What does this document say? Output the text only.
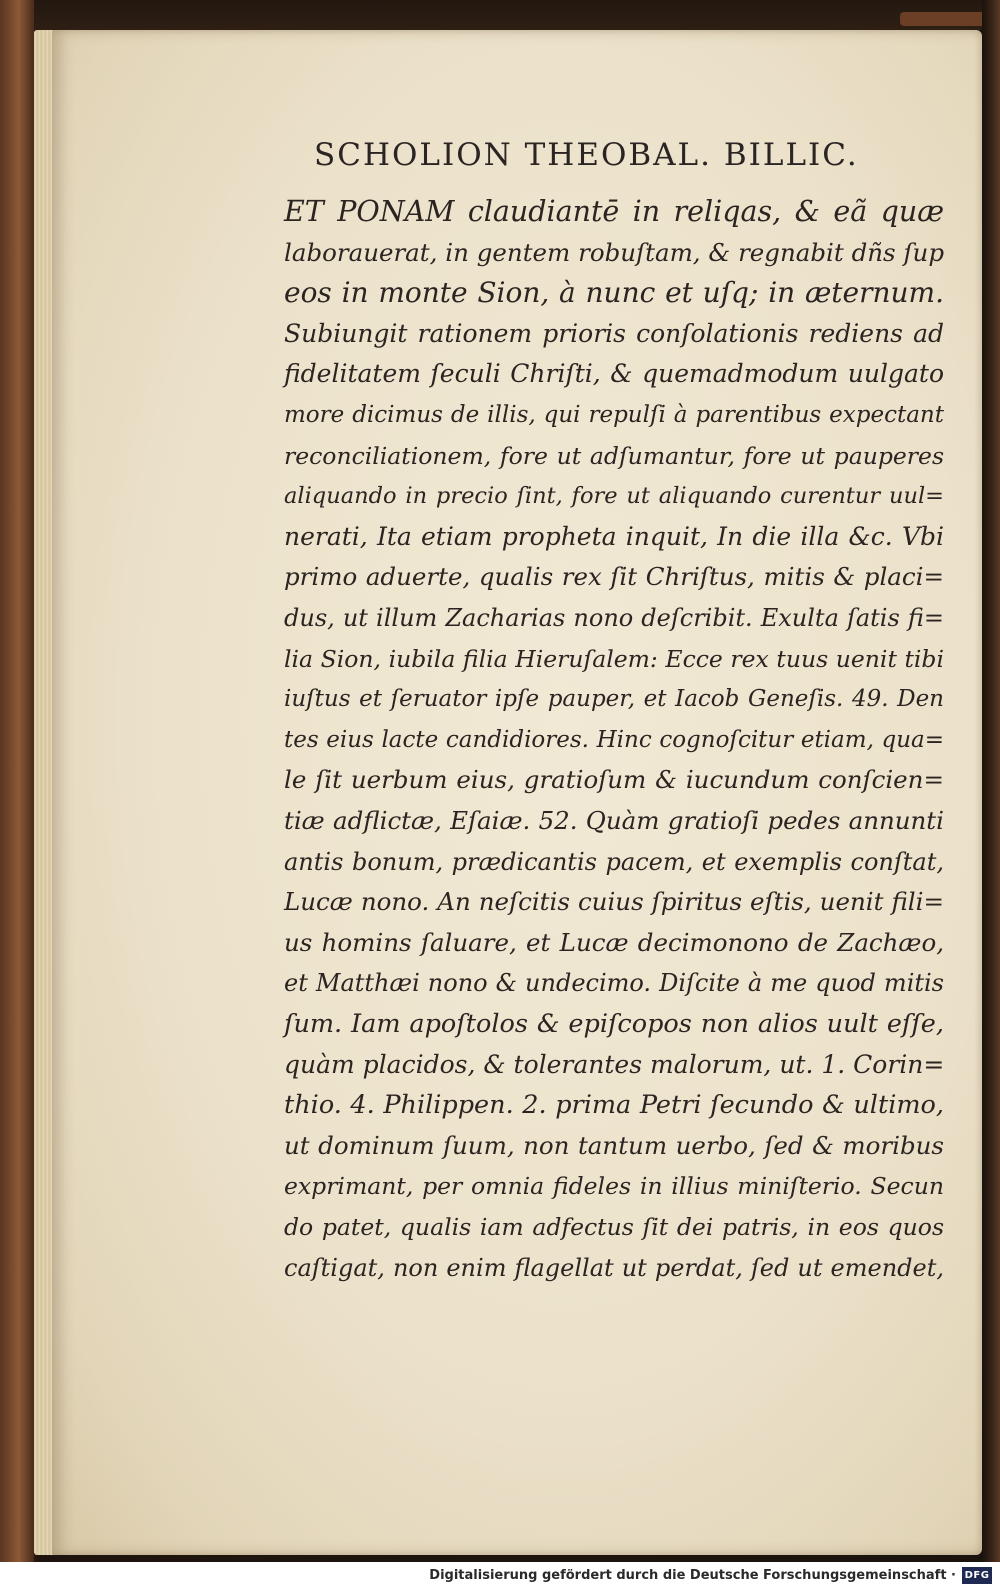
SCHOLION THEOBAL. BILLIC.
ET PONAM claudiantē in reliqas, & eã quæ
laborauerat, in gentem robuſtam, & regnabit dñs ſup
eos in monte Sion, à nunc et uſq; in æternum.
Subiungit rationem prioris conſolationis rediens ad
fidelitatem ſeculi Chriſti, & quemadmodum uulgato
more dicimus de illis, qui repulſi à parentibus expectant
reconciliationem, fore ut adſumantur, fore ut pauperes
aliquando in precio ſint, fore ut aliquando curentur uul=
nerati, Ita etiam propheta inquit, In die illa &c. Vbi
primo aduerte, qualis rex ſit Chriſtus, mitis & placi=
dus, ut illum Zacharias nono deſcribit. Exulta ſatis fi=
lia Sion, iubila filia Hieruſalem: Ecce rex tuus uenit tibi
iuſtus et ſeruator ipſe pauper, et Iacob Geneſis. 49. Den
tes eius lacte candidiores. Hinc cognoſcitur etiam, qua=
le ſit uerbum eius, gratioſum & iucundum conſcien=
tiæ adflictæ, Eſaiæ. 52. Quàm gratioſi pedes annunti
antis bonum, prædicantis pacem, et exemplis conſtat,
Lucæ nono. An neſcitis cuius ſpiritus eſtis, uenit fili=
us homins ſaluare, et Lucæ decimonono de Zachæo,
et Matthæi nono & undecimo. Diſcite à me quod mitis
ſum. Iam apoſtolos & epiſcopos non alios uult eſſe,
quàm placidos, & tolerantes malorum, ut. 1. Corin=
thio. 4. Philippen. 2. prima Petri ſecundo & ultimo,
ut dominum ſuum, non tantum uerbo, ſed & moribus
exprimant, per omnia fideles in illius miniſterio. Secun
do patet, qualis iam adfectus ſit dei patris, in eos quos
caſtigat, non enim flagellat ut perdat, ſed ut emendet,
Digitalisierung gefördert durch die Deutsche Forschungsgemeinschaft · DFG
